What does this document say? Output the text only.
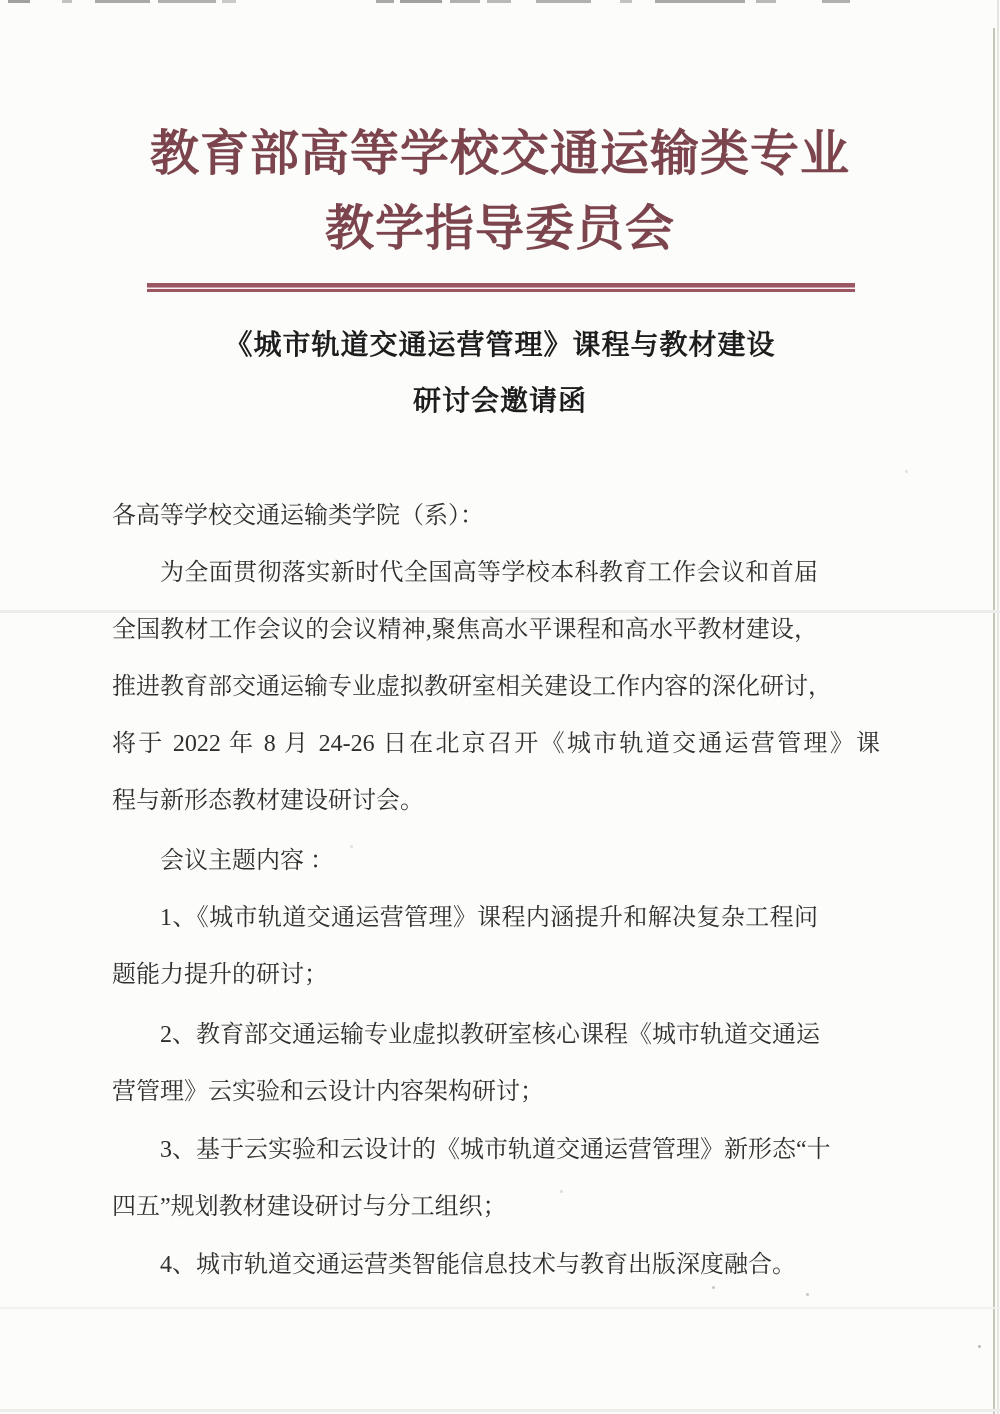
教育部高等学校交通运输类专业
教学指导委员会
《城市轨道交通运营管理》课程与教材建设
研讨会邀请函
各高等学校交通运输类学院（系）：
为全面贯彻落实新时代全国高等学校本科教育工作会议和首届
全国教材工作会议的会议精神,聚焦高水平课程和高水平教材建设，
推进教育部交通运输专业虚拟教研室相关建设工作内容的深化研讨，
将于 2022 年 8 月 24-26 日在北京召开《城市轨道交通运营管理》课
程与新形态教材建设研讨会。
会议主题内容 ：
1、《城市轨道交通运营管理》课程内涵提升和解决复杂工程问
题能力提升的研讨；
2、教育部交通运输专业虚拟教研室核心课程《城市轨道交通运
营管理》云实验和云设计内容架构研讨；
3、基于云实验和云设计的《城市轨道交通运营管理》新形态“十
四五”规划教材建设研讨与分工组织；
4、城市轨道交通运营类智能信息技术与教育出版深度融合。
